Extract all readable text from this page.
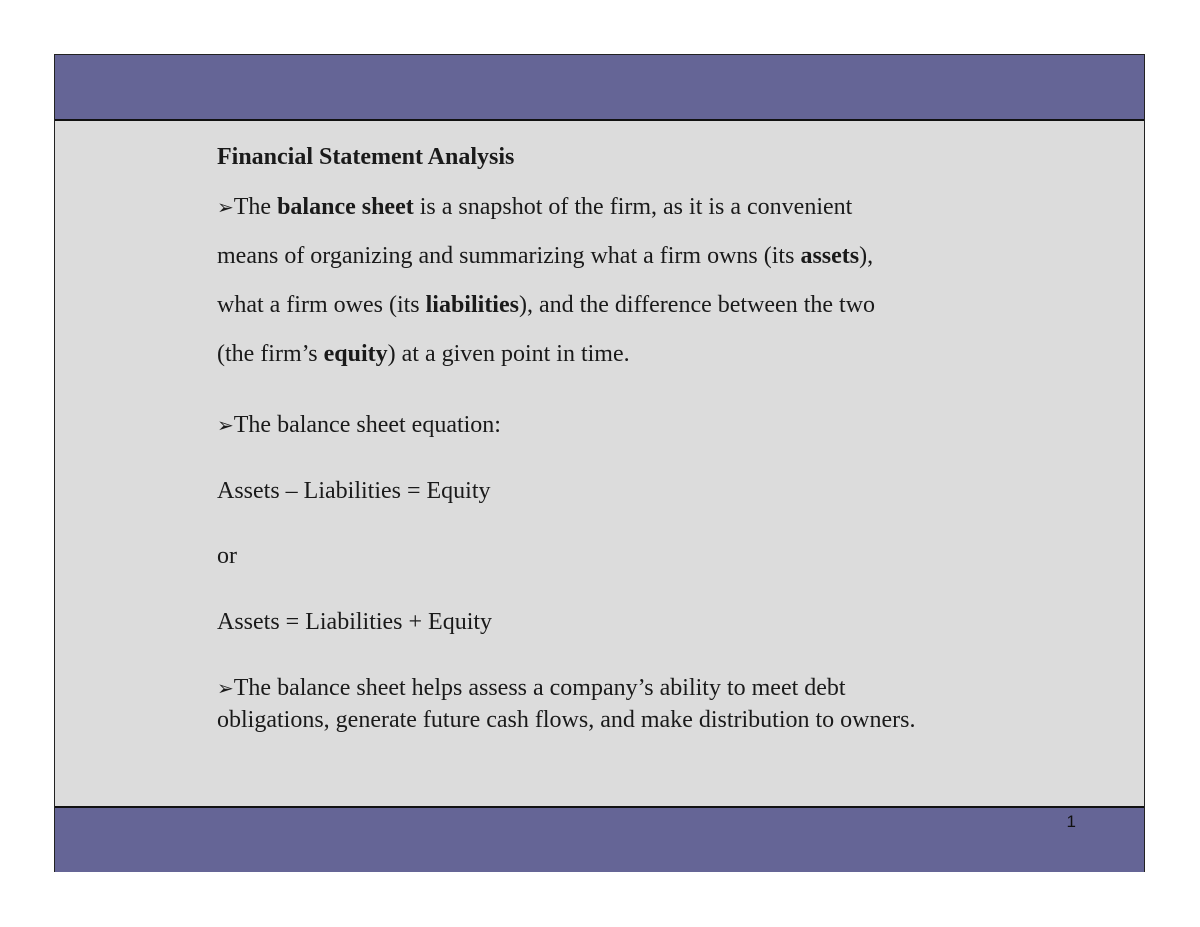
Financial Statement Analysis
➢The balance sheet is a snapshot of the firm, as it is a convenient
means of organizing and summarizing what a firm owns (its assets),
what a firm owes (its liabilities), and the difference between the two
(the firm’s equity) at a given point in time.
➢The balance sheet equation:
Assets – Liabilities = Equity
or
Assets = Liabilities + Equity
➢The balance sheet helps assess a company’s ability to meet debt
obligations, generate future cash flows, and make distribution to owners.
1
